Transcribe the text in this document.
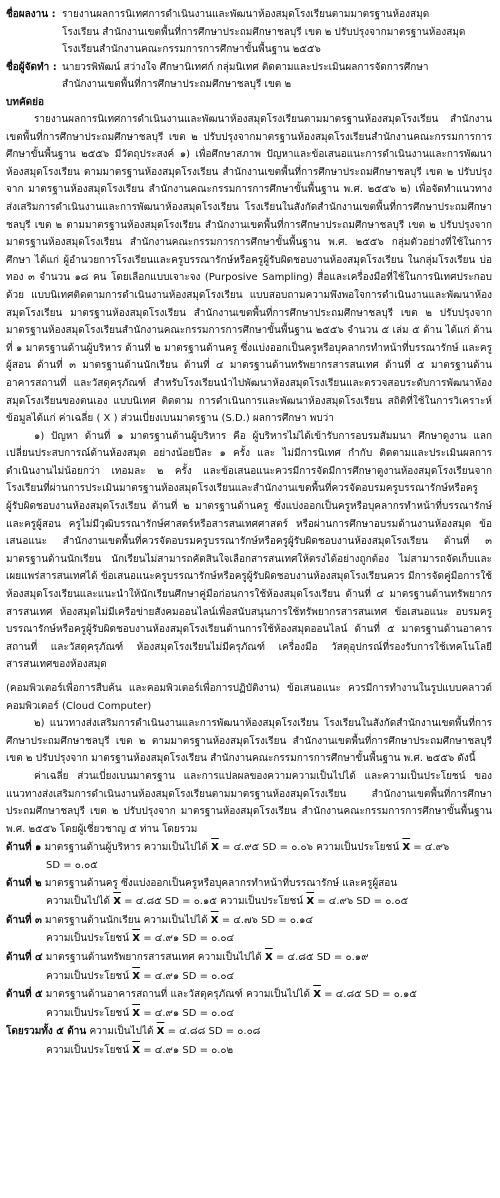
ชื่อผลงาน : รายงานผลการนิเทศการดำเนินงานและพัฒนาห้องสมุดโรงเรียนตามมาตรฐานห้องสมุด
โรงเรียน สำนักงานเขตพื้นที่การศึกษาประถมศึกษาชลบุรี เขต ๒ ปรับปรุงจากมาตรฐานห้องสมุด
โรงเรียนสำนักงานคณะกรรมการการศึกษาขั้นพื้นฐาน ๒๕๕๖
ชื่อผู้จัดทำ : นายวรพิพัฒน์ สว่างใจ ศึกษานิเทศก์ กลุ่มนิเทศ ติดตามและประเมินผลการจัดการศึกษา
สำนักงานเขตพื้นที่การศึกษาประถมศึกษาชลบุรี เขต ๒
บทคัดย่อ

รายงานผลการนิเทศการดำเนินงานและพัฒนาห้องสมุดโรงเรียนตามมาตรฐานห้องสมุดโรงเรียน สำนักงานเขตพื้นที่การศึกษาประถมศึกษาชลบุรี เขต ๒ ปรับปรุงจากมาตรฐานห้องสมุดโรงเรียนสำนักงานคณะกรรมการการศึกษาขั้นพื้นฐาน ๒๕๕๖ มีวัตถุประสงค์ ๑) เพื่อศึกษาสภาพ ปัญหาและข้อเสนอแนะการดำเนินงานและการพัฒนาห้องสมุดโรงเรียน ตามมาตรฐานห้องสมุดโรงเรียน สำนักงานเขตพื้นที่การศึกษาประถมศึกษาชลบุรี เขต ๒ ปรับปรุงจาก มาตรฐานห้องสมุดโรงเรียน สำนักงานคณะกรรมการการศึกษาขั้นพื้นฐาน พ.ศ. ๒๕๕๖ ๒) เพื่อจัดทำแนวทางส่งเสริมการดำเนินงานและการพัฒนาห้องสมุดโรงเรียน โรงเรียนในสังกัดสำนักงานเขตพื้นที่การศึกษาประถมศึกษาชลบุรี เขต ๒ ตามมาตรฐานห้องสมุดโรงเรียน สำนักงานเขตพื้นที่การศึกษาประถมศึกษาชลบุรี เขต ๒ ปรับปรุงจาก มาตรฐานห้องสมุดโรงเรียน สำนักงานคณะกรรมการการศึกษาขั้นพื้นฐาน พ.ศ. ๒๕๕๖ กลุ่มตัวอย่างที่ใช้ในการศึกษา ได้แก่ ผู้อำนวยการโรงเรียนและครูบรรณารักษ์หรือครูผู้รับผิดชอบงานห้องสมุดโรงเรียน ในกลุ่มโรงเรียน บ่อทอง ๓ จำนวน ๑๘ คน โดยเลือกแบบเจาะจง (Purposive Sampling) สื่อและเครื่องมือที่ใช้ในการนิเทศประกอบด้วย แบบนิเทศติดตามการดำเนินงานห้องสมุดโรงเรียน แบบสอบถามความพึงพอใจการดำเนินงานและพัฒนาห้องสมุดโรงเรียน มาตรฐานห้องสมุดโรงเรียน สำนักงานเขตพื้นที่การศึกษาประถมศึกษาชลบุรี เขต ๒ ปรับปรุงจากมาตรฐานห้องสมุดโรงเรียนสำนักงานคณะกรรมการการศึกษาขั้นพื้นฐาน ๒๕๕๖ จำนวน ๕ เล่ม ๕ ด้าน ได้แก่ ด้านที่ ๑ มาตรฐานด้านผู้บริหาร ด้านที่ ๒ มาตรฐานด้านครู ซึ่งแบ่งออกเป็นครูหรือบุคลากรทำหน้าที่บรรณารักษ์ และครูผู้สอน ด้านที่ ๓ มาตรฐานด้านนักเรียน ด้านที่ ๔ มาตรฐานด้านทรัพยากรสารสนเทศ ด้านที่ ๕ มาตรฐานด้านอาคารสถานที่ และวัสดุครุภัณฑ์ สำหรับโรงเรียนนำไปพัฒนาห้องสมุดโรงเรียนและตรวจสอบระดับการพัฒนาห้องสมุดโรงเรียนของตนเอง แบบนิเทศ ติดตาม การดำเนินการและพัฒนาห้องสมุดโรงเรียน สถิติที่ใช้ในการวิเคราะห์ข้อมูลได้แก่ ค่าเฉลี่ย ( X ) ส่วนเบี่ยงเบนมาตรฐาน (S.D.) ผลการศึกษา พบว่า

๑) ปัญหา ด้านที่ ๑ มาตรฐานด้านผู้บริหาร คือ ผู้บริหารไม่ได้เข้ารับการอบรมสัมมนา ศึกษาดูงาน แลกเปลี่ยนประสบการณ์ด้านห้องสมุด อย่างน้อยปีละ ๑ ครั้ง และ ไม่มีการนิเทศ กำกับ ติดตามและประเมินผลการดำเนินงานไม่น้อยกว่า เทอมละ ๒ ครั้ง และข้อเสนอแนะควรมีการจัดมีการศึกษาดูงานห้องสมุดโรงเรียนจากโรงเรียนที่ผ่านการประเมินมาตรฐานห้องสมุดโรงเรียนและสำนักงานเขตพื้นที่ควรจัดอบรมครูบรรณารักษ์หรือครูผู้รับผิดชอบงานห้องสมุดโรงเรียน ด้านที่ ๒ มาตรฐานด้านครู ซึ่งแบ่งออกเป็นครูหรือบุคลากรทำหน้าที่บรรณารักษ์ และครูผู้สอน ครูไม่มีวุฒิบรรณารักษ์ศาสตร์หรือสารสนเทศศาสตร์ หรือผ่านการศึกษาอบรมด้านงานห้องสมุด ข้อเสนอแนะ สำนักงานเขตพื้นที่ควรจัดอบรมครูบรรณารักษ์หรือครูผู้รับผิดชอบงานห้องสมุดโรงเรียน ด้านที่ ๓ มาตรฐานด้านนักเรียน นักเรียนไม่สามารถคัดสินใจเลือกสารสนเทศให้ตรงได้อย่างถูกต้อง ไม่สามารถจัดเก็บและเผยแพร่สารสนเทศได้ ข้อเสนอแนะครูบรรณารักษ์หรือครูผู้รับผิดชอบงานห้องสมุดโรงเรียนควร มีการจัดคู่มือการใช้ห้องสมุดโรงเรียนและแนะนำให้นักเรียนศึกษาคู่มือก่อนการใช้ห้องสมุดโรงเรียน ด้านที่ ๔ มาตรฐานด้านทรัพยากรสารสนเทศ ห้องสมุดไม่มีเครือข่ายสังคมออนไลน์เพื่อสนับสนุนการใช้ทรัพยากรสารสนเทศ ข้อเสนอแนะ อบรมครูบรรณารักษ์หรือครูผู้รับผิดชอบงานห้องสมุดโรงเรียนด้านการใช้ห้องสมุดออนไลน์ ด้านที่ ๕ มาตรฐานด้านอาคารสถานที่ และวัสดุครุภัณฑ์ ห้องสมุดโรงเรียนไม่มีครุภัณฑ์ เครื่องมือ วัสดุอุปกรณ์ที่รองรับการใช้เทคโนโลยีสารสนเทศของห้องสมุด

(คอมพิวเตอร์เพื่อการสืบค้น และคอมพิวเตอร์เพื่อการปฏิบัติงาน) ข้อเสนอแนะ ควรมีการทำงานในรูปแบบคลาวด์คอมพิวเตอร์ (Cloud Computer)

๒) แนวทางส่งเสริมการดำเนินงานและการพัฒนาห้องสมุดโรงเรียน โรงเรียนในสังกัดสำนักงานเขตพื้นที่การศึกษาประถมศึกษาชลบุรี เขต ๒ ตามมาตรฐานห้องสมุดโรงเรียน สำนักงานเขตพื้นที่การศึกษาประถมศึกษาชลบุรี เขต ๒ ปรับปรุงจาก มาตรฐานห้องสมุดโรงเรียน สำนักงานคณะกรรมการการศึกษาขั้นพื้นฐาน พ.ศ. ๒๕๕๖ ดังนี้

ค่าเฉลี่ย ส่วนเบี่ยงเบนมาตรฐาน และการแปลผลของความความเป็นไปได้ และความเป็นประโยชน์ ของแนวทางส่งเสริมการดำเนินงานห้องสมุดโรงเรียนตามมาตรฐานห้องสมุดโรงเรียน สำนักงานเขตพื้นที่การศึกษาประถมศึกษาชลบุรี เขต ๒ ปรับปรุงจาก มาตรฐานห้องสมุดโรงเรียน สำนักงานคณะกรรมการการศึกษาขั้นพื้นฐาน พ.ศ. ๒๕๕๖ โดยผู้เชี่ยวชาญ ๕ ท่าน โดยรวม

ด้านที่ ๑ มาตรฐานด้านผู้บริหาร ความเป็นไปได้ $\overline{x}$ = ๔.๙๕ SD = ๐.๐๖ ความเป็นประโยชน์ $\overline{x}$ = ๔.๙๖
SD = ๐.๐๕
ด้านที่ ๒ มาตรฐานด้านครู ซึ่งแบ่งออกเป็นครูหรือบุคลากรทำหน้าที่บรรณารักษ์ และครูผู้สอน
ความเป็นไปได้ $\overline{x}$ = ๔.๘๕ SD = ๐.๑๕ ความเป็นประโยชน์ $\overline{x}$ = ๔.๙๖ SD = ๐.๐๕
ด้านที่ ๓ มาตรฐานด้านนักเรียน ความเป็นไปได้ $\overline{x}$ = ๔.๗๖ SD = ๐.๑๔
ความเป็นประโยชน์ $\overline{x}$ = ๔.๙๑ SD = ๐.๐๔
ด้านที่ ๔ มาตรฐานด้านทรัพยากรสารสนเทศ ความเป็นไปได้ $\overline{x}$ = ๔.๘๕ SD = ๐.๑๙
ความเป็นประโยชน์ $\overline{x}$ = ๔.๙๑ SD = ๐.๐๔
ด้านที่ ๕ มาตรฐานด้านอาคารสถานที่ และวัสดุครุภัณฑ์ ความเป็นไปได้ $\overline{x}$ = ๔.๘๕ SD = ๐.๑๕
ความเป็นประโยชน์ $\overline{x}$ = ๔.๙๑ SD = ๐.๐๔
โดยรวมทั้ง ๕ ด้าน ความเป็นไปได้ $\overline{x}$ = ๔.๘๘ SD = ๐.๐๘
ความเป็นประโยชน์ $\overline{x}$ = ๔.๙๑ SD = ๐.๐๒
